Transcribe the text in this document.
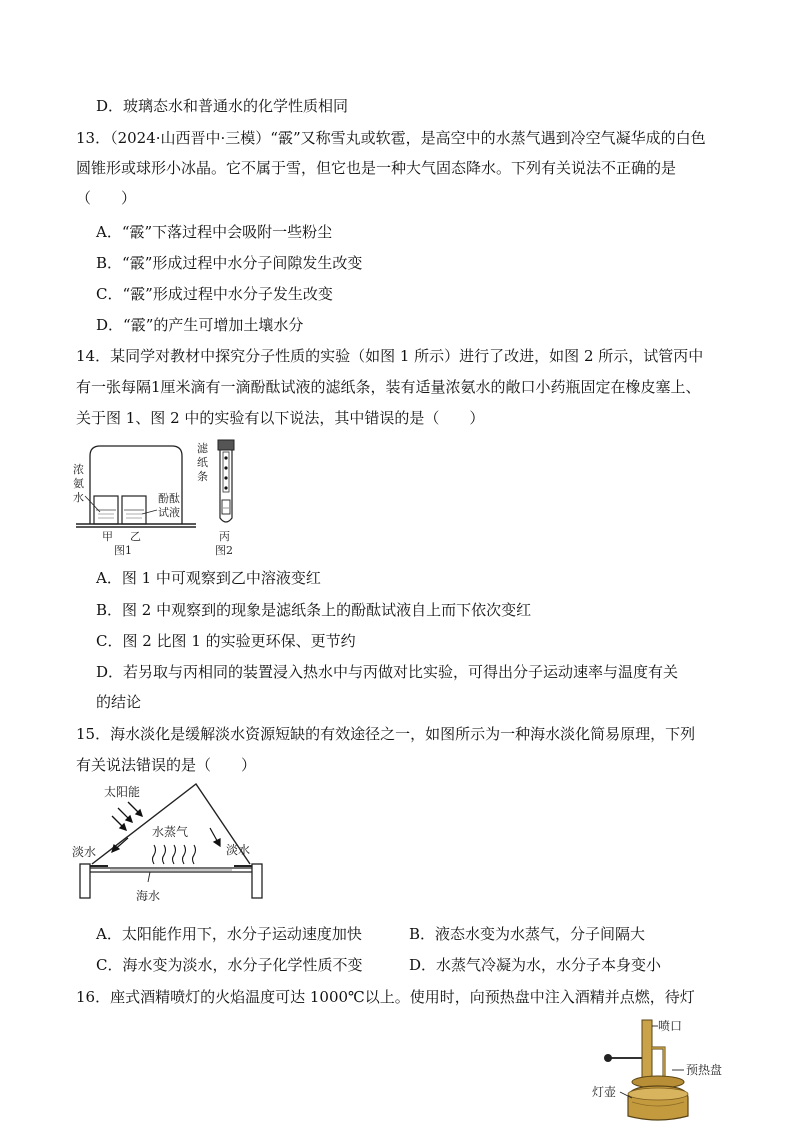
D．玻璃态水和普通水的化学性质相同
13．（2024·山西晋中·三模）“霰”又称雪丸或软雹，是高空中的水蒸气遇到冷空气凝华成的白色
圆锥形或球形小冰晶。它不属于雪，但它也是一种大气固态降水。下列有关说法不正确的是
（　　）
A．“霰”下落过程中会吸附一些粉尘
B．“霰”形成过程中水分子间隙发生改变
C．“霰”形成过程中水分子发生改变
D．“霰”的产生可增加土壤水分
14．某同学对教材中探究分子性质的实验（如图 1 所示）进行了改进，如图 2 所示，试管丙中
有一张每隔1厘米滴有一滴酚酞试液的滤纸条，装有适量浓氨水的敞口小药瓶固定在橡皮塞上、
关于图 1、图 2 中的实验有以下说法，其中错误的是（　　）
浓
氨
水	酚酞
试液
甲 乙
图1
滤
纸
条
丙
图2
A．图 1 中可观察到乙中溶液变红
B．图 2 中观察到的现象是滤纸条上的酚酞试液自上而下依次变红
C．图 2 比图 1 的实验更环保、更节约
D．若另取与丙相同的装置浸入热水中与丙做对比实验，可得出分子运动速率与温度有关
的结论
15．海水淡化是缓解淡水资源短缺的有效途径之一，如图所示为一种海水淡化简易原理，下列
有关说法错误的是（　　）
太阳能
水蒸气
淡水	淡水
海水
A．太阳能作用下，水分子运动速度加快	B．液态水变为水蒸气，分子间隔大
C．海水变为淡水，水分子化学性质不变	D．水蒸气冷凝为水，水分子本身变小
16．座式酒精喷灯的火焰温度可达 1000℃以上。使用时，向预热盘中注入酒精并点燃，待灯
喷口
预热盘
灯壶
